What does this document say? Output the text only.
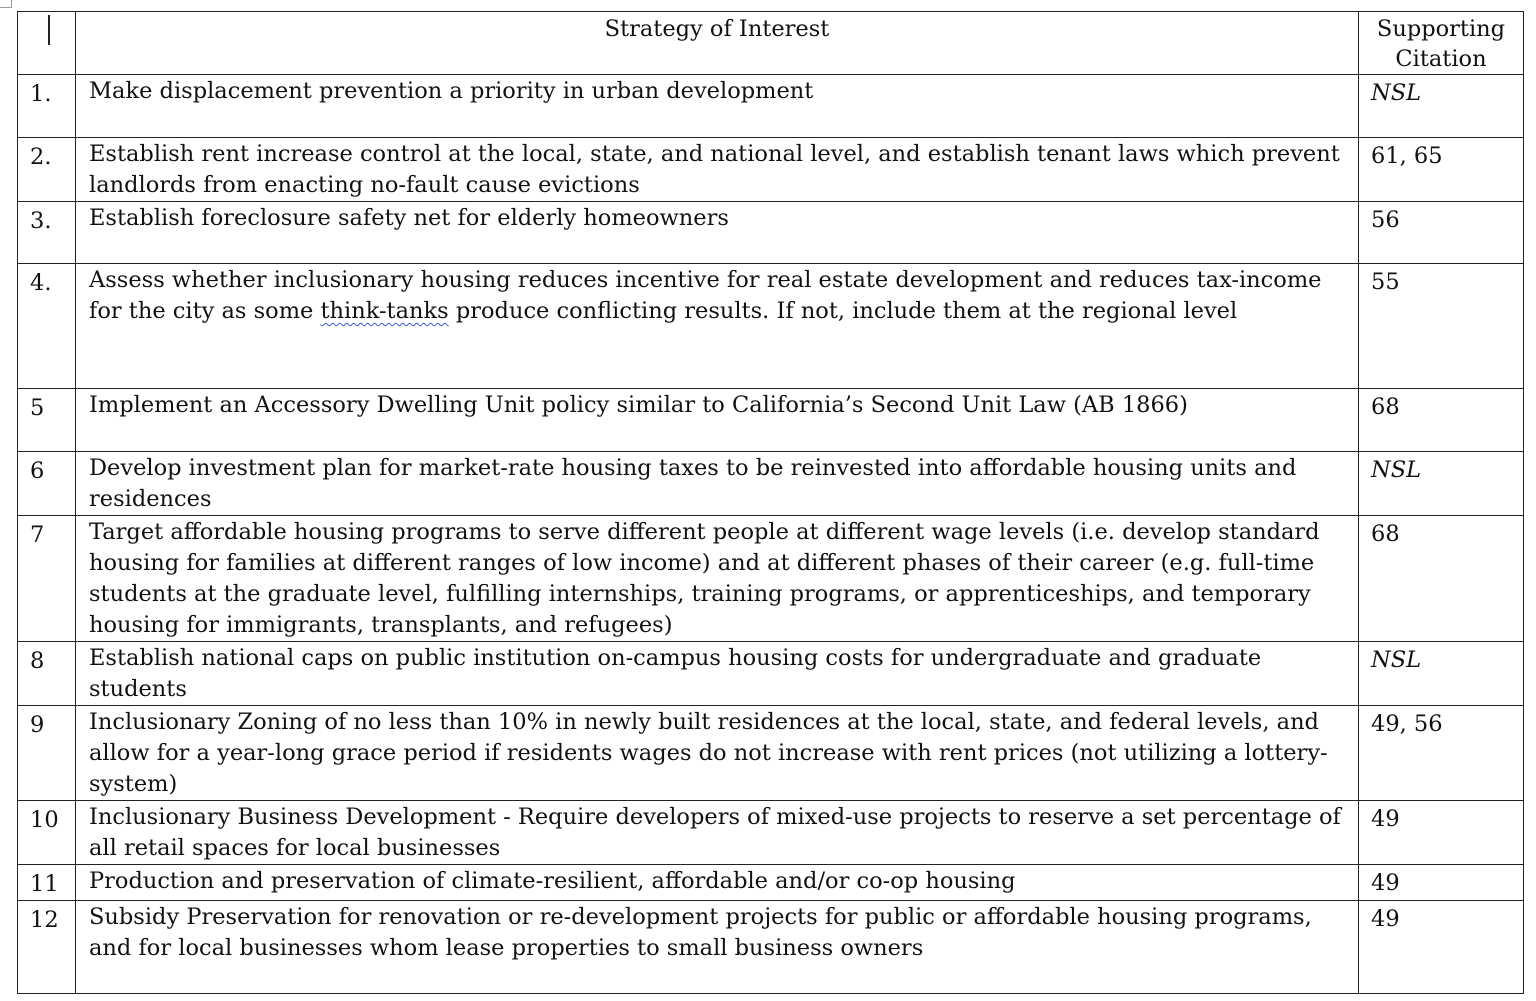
	Strategy of Interest	Supporting Citation
1.	Make displacement prevention a priority in urban development	NSL
2.	Establish rent increase control at the local, state, and national level, and establish tenant laws which prevent landlords from enacting no-fault cause evictions	61, 65
3.	Establish foreclosure safety net for elderly homeowners	56
4.	Assess whether inclusionary housing reduces incentive for real estate development and reduces tax-income for the city as some think-tanks produce conflicting results. If not, include them at the regional level	55
5	Implement an Accessory Dwelling Unit policy similar to California’s Second Unit Law (AB 1866)	68
6	Develop investment plan for market-rate housing taxes to be reinvested into affordable housing units and residences	NSL
7	Target affordable housing programs to serve different people at different wage levels (i.e. develop standard housing for families at different ranges of low income) and at different phases of their career (e.g. full-time students at the graduate level, fulfilling internships, training programs, or apprenticeships, and temporary housing for immigrants, transplants, and refugees)	68
8	Establish national caps on public institution on-campus housing costs for undergraduate and graduate students	NSL
9	Inclusionary Zoning of no less than 10% in newly built residences at the local, state, and federal levels, and allow for a year-long grace period if residents wages do not increase with rent prices (not utilizing a lottery-system)	49, 56
10	Inclusionary Business Development - Require developers of mixed-use projects to reserve a set percentage of all retail spaces for local businesses	49
11	Production and preservation of climate-resilient, affordable and/or co-op housing	49
12	Subsidy Preservation for renovation or re-development projects for public or affordable housing programs, and for local businesses whom lease properties to small business owners	49
